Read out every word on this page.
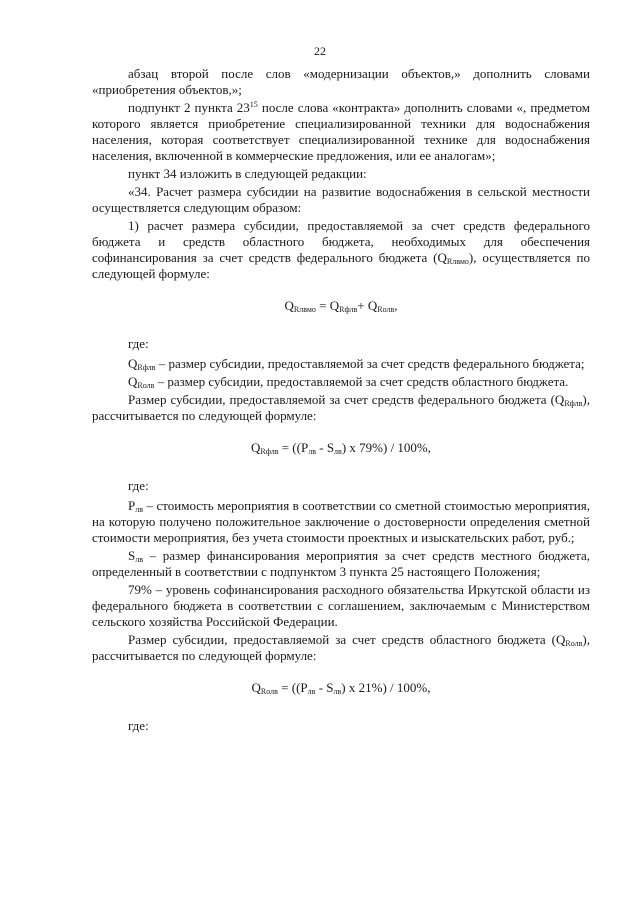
22

абзац второй после слов «модернизации объектов,» дополнить словами «приобретения объектов,»;

подпункт 2 пункта $23^{15}$ после слова «контракта» дополнить словами «, предметом которого является приобретение специализированной техники для водоснабжения населения, которая соответствует специализированной технике для водоснабжения населения, включенной в коммерческие предложения, или ее аналогам»;

пункт 34 изложить в следующей редакции:

«34. Расчет размера субсидии на развитие водоснабжения в сельской местности осуществляется следующим образом:

1) расчет размера субсидии, предоставляемой за счет средств федерального бюджета и средств областного бюджета, необходимых для обеспечения софинансирования за счет средств федерального бюджета $(Q_{Rлвмо})$, осуществляется по следующей формуле:

$Q_{Rлвмо} = Q_{Rфлв}+ Q_{Rолв}$,

где:

$Q_{Rфлв}$ – размер субсидии, предоставляемой за счет средств федерального бюджета;

$Q_{Rолв}$ – размер субсидии, предоставляемой за счет средств областного бюджета.

Размер субсидии, предоставляемой за счет средств федерального бюджета $(Q_{Rфлв})$, рассчитывается по следующей формуле:

$Q_{Rфлв} = ((P_{лв} - S_{лв})$ x 79%) / 100%,

где:

$P_{лв}$ – стоимость мероприятия в соответствии со сметной стоимостью мероприятия, на которую получено положительное заключение о достоверности определения сметной стоимости мероприятия, без учета стоимости проектных и изыскательских работ, руб.;

$S_{лв}$ – размер финансирования мероприятия за счет средств местного бюджета, определенный в соответствии с подпунктом 3 пункта 25 настоящего Положения;

79% – уровень софинансирования расходного обязательства Иркутской области из федерального бюджета в соответствии с соглашением, заключаемым с Министерством сельского хозяйства Российской Федерации.

Размер субсидии, предоставляемой за счет средств областного бюджета $(Q_{Rолв})$, рассчитывается по следующей формуле:

$Q_{Rолв} = ((P_{лв} - S_{лв})$ x 21%) / 100%,

где:
